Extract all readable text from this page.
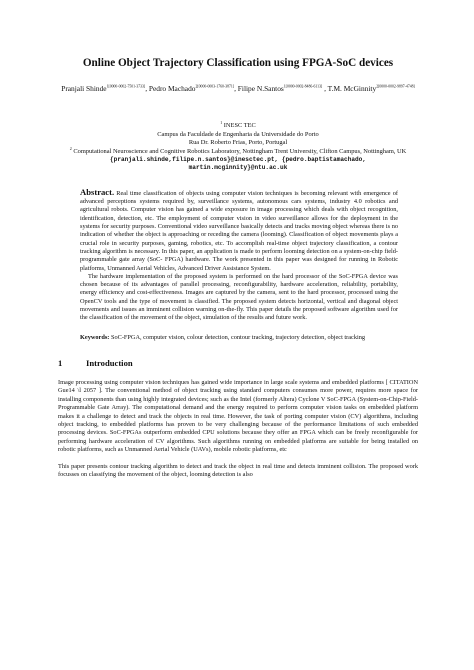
Online Object Trajectory Classification using FPGA-SoC devices
Pranjali Shinde$^{1[0000-0002-7501-3733]}$, Pedro Machado$^{2[0000-0003-1760-3871]}$, Filipe N.Santos$^{1[0000-0002-8486-6113]}$ , T.M. McGinnity$^{2[0000-0002-9897-4748]}$
$^1$ INESC TEC
Campus da Faculdade de Engenharia da Universidade do Porto
Rua Dr. Roberto Frias, Porto, Portugal
$^2$ Computational Neuroscience and Cognitive Robotics Laboratory, Nottingham Trent University, Clifton Campus, Nottingham, UK
{pranjali.shinde,filipe.n.santos}@inesctec.pt, {pedro.baptistamachado,
martin.mcginnity}@ntu.ac.uk

Abstract. Real time classification of objects using computer vision techniques is becoming relevant with emergence of advanced perceptions systems required by, surveillance systems, autonomous cars systems, industry 4.0 robotics and agricultural robots. Computer vision has gained a wide exposure in image processing which deals with object recognition, identification, detection, etc. The employment of computer vision in video surveillance allows for the deployment in the systems for security purposes. Conventional video surveillance basically detects and tracks moving object whereas there is no indication of whether the object is approaching or receding the camera (looming). Classification of object movements plays a crucial role in security purposes, gaming, robotics, etc. To accomplish real-time object trajectory classification, a contour tracking algorithm is necessary. In this paper, an application is made to perform looming detection on a system-on-chip field-programmable gate array (SoC- FPGA) hardware. The work presented in this paper was designed for running in Robotic platforms, Unmanned Aerial Vehicles, Advanced Driver Assistance System.

The hardware implementation of the proposed system is performed on the hard processor of the SoC-FPGA device was chosen because of its advantages of parallel processing, reconfigurability, hardware acceleration, reliability, portability, energy efficiency and cost-effectiveness. Images are captured by the camera, sent to the hard processor, processed using the OpenCV tools and the type of movement is classified. The proposed system detects horizontal, vertical and diagonal object movements and issues an imminent collision warning on-the-fly. This paper details the proposed software algorithm used for the classification of the movement of the object, simulation of the results and future work.

Keywords: SoC-FPGA, computer vision, colour detection, contour tracking, trajectory detection, object tracking
1	Introduction

Image processing using computer vision techniques has gained wide importance in large scale systems and embedded platforms [ CITATION Gue14 \l 2057 ]. The conventional method of object tracking using standard computers consumes more power, requires more space for installing components than using highly integrated devices; such as the Intel (formerly Altera) Cyclone V SoC-FPGA (System-on-Chip-Field-Programmable Gate Array). The computational demand and the energy required to perform computer vision tasks on embedded platform makes it a challenge to detect and track the objects in real time. However, the task of porting computer vision (CV) algorithms, including object tracking, to embedded platforms has proven to be very challenging because of the performance limitations of such embedded processing devices. SoC-FPGAs outperform embedded CPU solutions because they offer an FPGA which can be freely reconfigurable for performing hardware acceleration of CV algorithms. Such algorithms running on embedded platforms are suitable for being installed on robotic platforms, such as Unmanned Aerial Vehicle (UAVs), mobile robotic platforms, etc

This paper presents contour tracking algorithm to detect and track the object in real time and detects imminent collision. The proposed work focusses on classifying the movement of the object, looming detection is also
